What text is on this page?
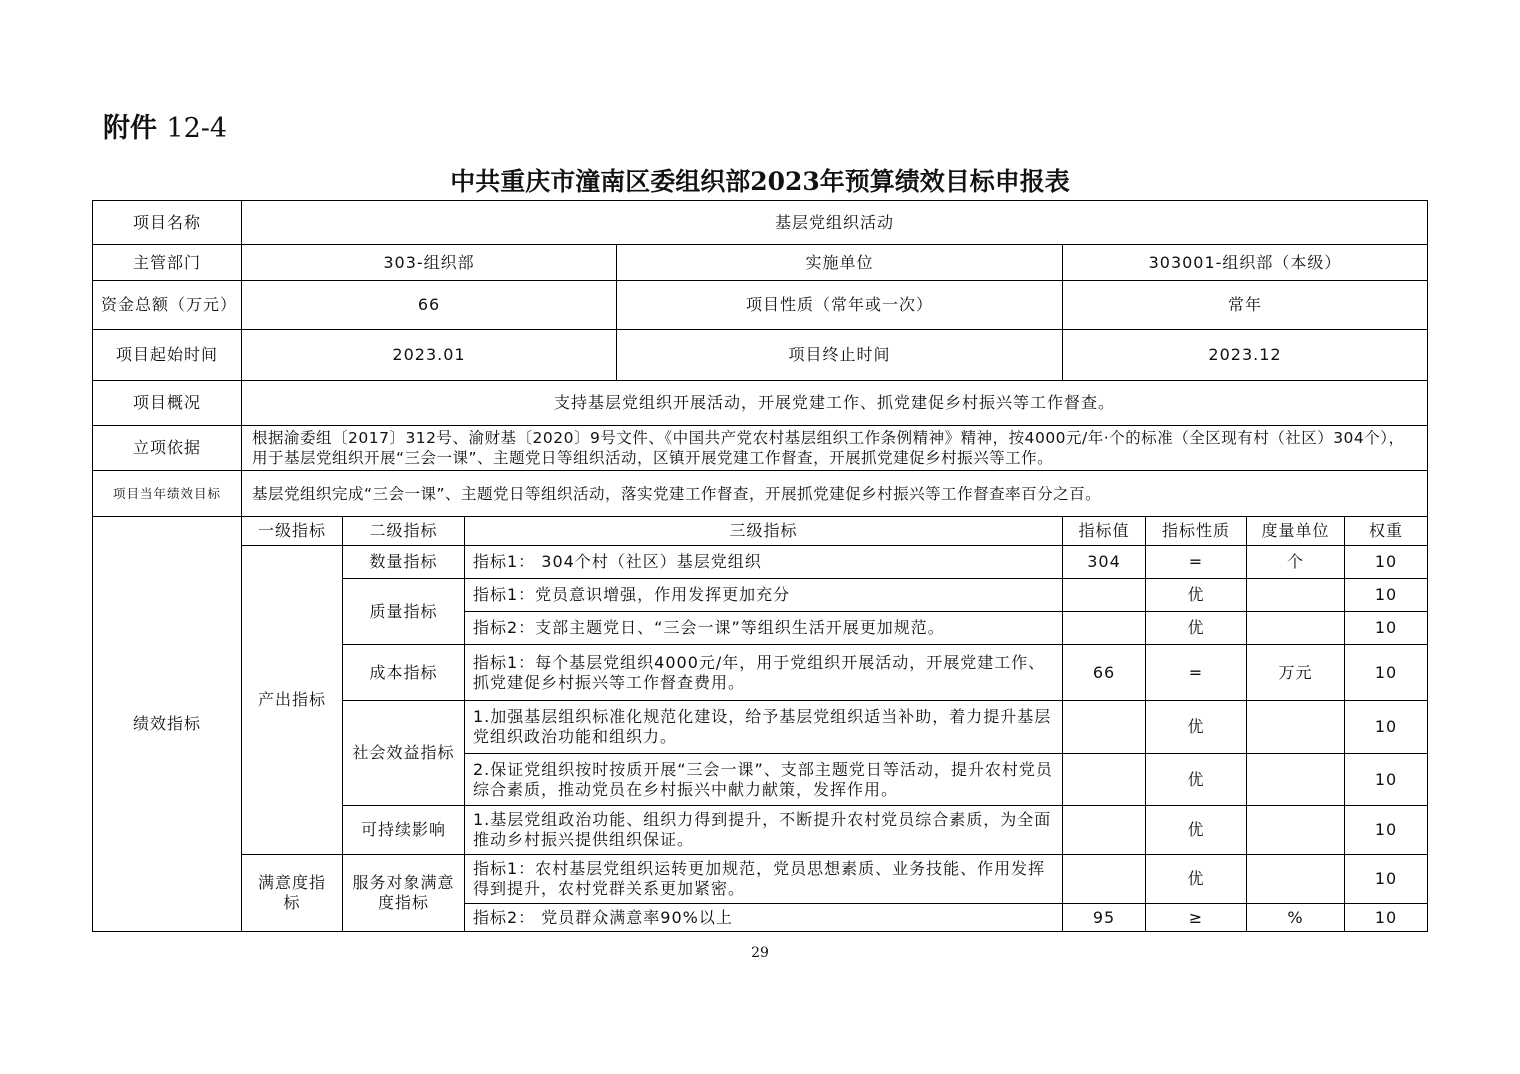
附件 12-4
中共重庆市潼南区委组织部2023年预算绩效目标申报表
项目名称	基层党组织活动							
主管部门	303-组织部			实施单位	303001-组织部（本级）			
资金总额（万元）	66			项目性质（常年或一次）	常年			
项目起始时间	2023.01			项目终止时间	2023.12			
项目概况	支持基层党组织开展活动，开展党建工作、抓党建促乡村振兴等工作督查。							
立项依据	根据渝委组〔2017〕312号、渝财基〔2020〕9号文件、《中国共产党农村基层组织工作条例精神》精神，按4000元/年·个的标准（全区现有村（社区）304个），用于基层党组织开展“三会一课”、主题党日等组织活动，区镇开展党建工作督查，开展抓党建促乡村振兴等工作。							
项目当年绩效目标	基层党组织完成“三会一课”、主题党日等组织活动，落实党建工作督查，开展抓党建促乡村振兴等工作督查率百分之百。							
绩效指标	一级指标	二级指标	三级指标		指标值	指标性质	度量单位	权重
	产出指标	数量指标	指标1： 304个村（社区）基层党组织		304	=	个	10
		质量指标	指标1：党员意识增强，作用发挥更加充分			优		10
			指标2：支部主题党日、“三会一课”等组织生活开展更加规范。			优		10
		成本指标	指标1：每个基层党组织4000元/年，用于党组织开展活动，开展党建工作、抓党建促乡村振兴等工作督查费用。		66	=	万元	10
		社会效益指标	1.加强基层组织标准化规范化建设，给予基层党组织适当补助，着力提升基层党组织政治功能和组织力。			优		10
			2.保证党组织按时按质开展“三会一课”、支部主题党日等活动，提升农村党员综合素质，推动党员在乡村振兴中献力献策，发挥作用。			优		10
		可持续影响	1.基层党组政治功能、组织力得到提升，不断提升农村党员综合素质，为全面推动乡村振兴提供组织保证。			优		10
	满意度指标	服务对象满意度指标	指标1：农村基层党组织运转更加规范，党员思想素质、业务技能、作用发挥得到提升，农村党群关系更加紧密。			优		10
			指标2： 党员群众满意率90%以上		95	≥	%	10
29
